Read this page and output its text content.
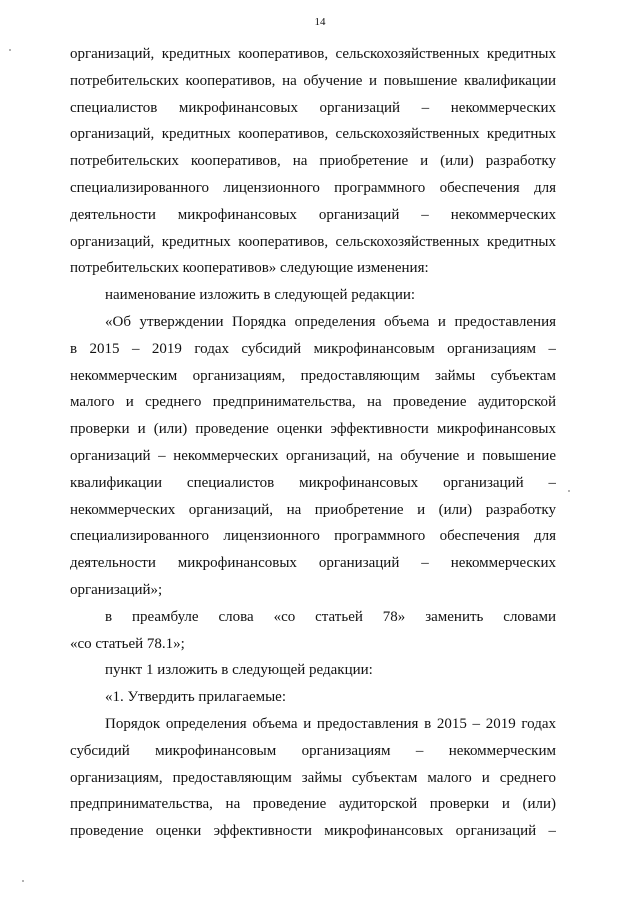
14
организаций, кредитных кооперативов, сельскохозяйственных кредитных
потребительских кооперативов, на обучение и повышение квалификации
специалистов микрофинансовых организаций – некоммерческих
организаций, кредитных кооперативов, сельскохозяйственных кредитных
потребительских кооперативов, на приобретение и (или) разработку
специализированного лицензионного программного обеспечения для
деятельности микрофинансовых организаций – некоммерческих
организаций, кредитных кооперативов, сельскохозяйственных кредитных
потребительских кооперативов» следующие изменения:
наименование изложить в следующей редакции:
«Об утверждении Порядка определения объема и предоставления
в 2015 – 2019 годах субсидий микрофинансовым организациям –
некоммерческим организациям, предоставляющим займы субъектам
малого и среднего предпринимательства, на проведение аудиторской
проверки и (или) проведение оценки эффективности микрофинансовых
организаций – некоммерческих организаций, на обучение и повышение
квалификации специалистов микрофинансовых организаций –
некоммерческих организаций, на приобретение и (или) разработку
специализированного лицензионного программного обеспечения для
деятельности микрофинансовых организаций – некоммерческих
организаций»;
в преамбуле слова «со статьей 78» заменить словами
«со статьей 78.1»;
пункт 1 изложить в следующей редакции:
«1. Утвердить прилагаемые:
Порядок определения объема и предоставления в 2015 – 2019 годах
субсидий микрофинансовым организациям – некоммерческим
организациям, предоставляющим займы субъектам малого и среднего
предпринимательства, на проведение аудиторской проверки и (или)
проведение оценки эффективности микрофинансовых организаций –
